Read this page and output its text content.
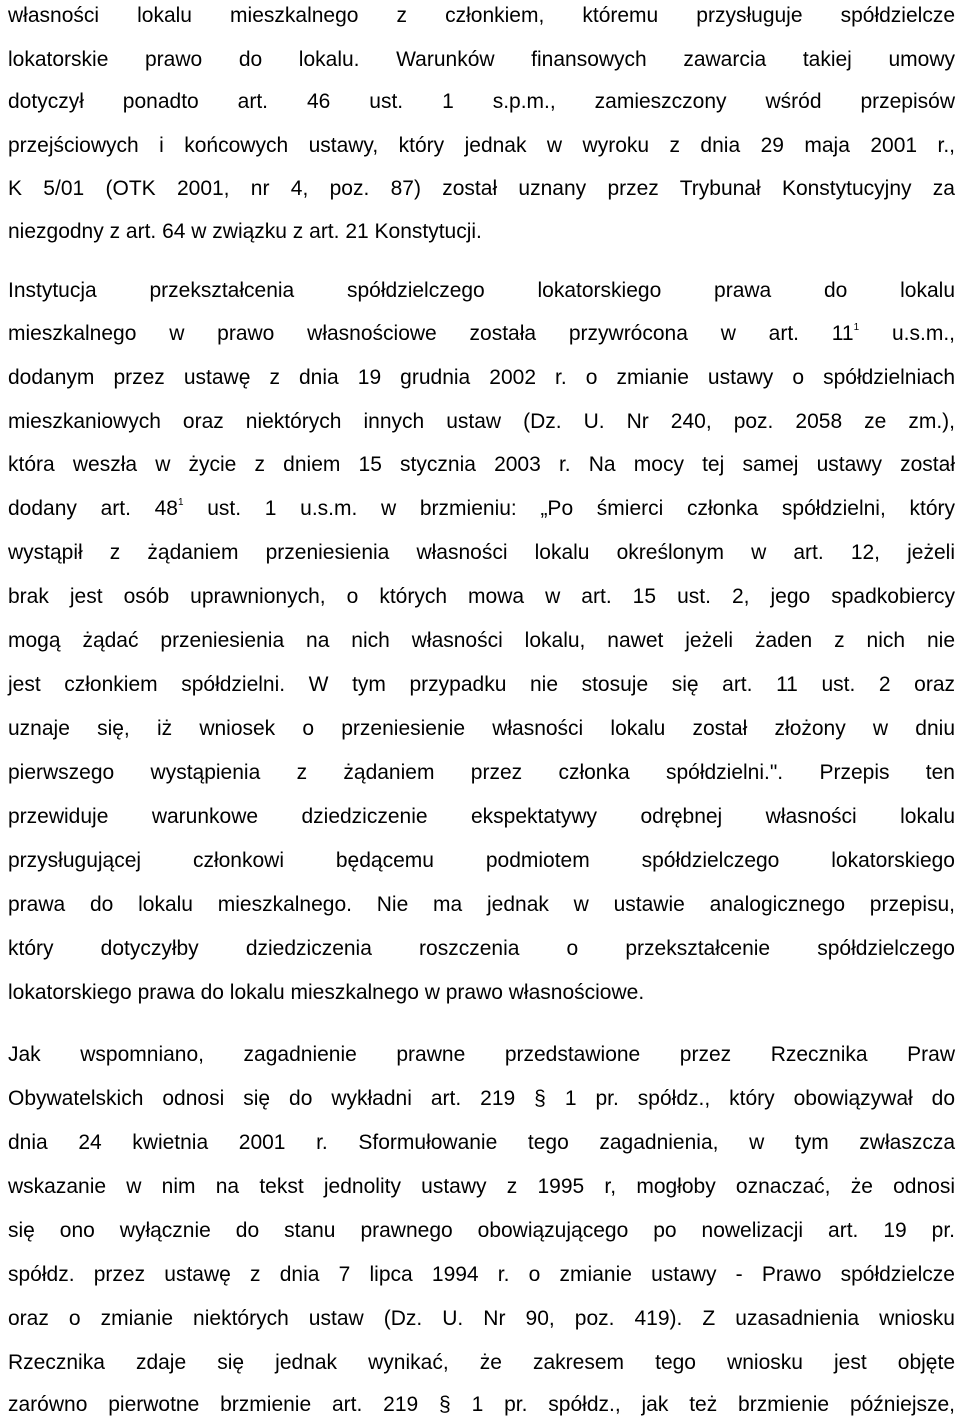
własności lokalu mieszkalnego z członkiem, któremu przysługuje spółdzielcze
lokatorskie prawo do lokalu. Warunków finansowych zawarcia takiej umowy
dotyczył ponadto art. 46 ust. 1 s.p.m., zamieszczony wśród przepisów
przejściowych i końcowych ustawy, który jednak w wyroku z dnia 29 maja 2001 r.,
K 5/01 (OTK 2001, nr 4, poz. 87) został uznany przez Trybunał Konstytucyjny za
niezgodny z art. 64 w związku z art. 21 Konstytucji.
Instytucja przekształcenia spółdzielczego lokatorskiego prawa do lokalu
mieszkalnego w prawo własnościowe została przywrócona w art. $11^1$ u.s.m.,
dodanym przez ustawę z dnia 19 grudnia 2002 r. o zmianie ustawy o spółdzielniach
mieszkaniowych oraz niektórych innych ustaw (Dz. U. Nr 240, poz. 2058 ze zm.),
która weszła w życie z dniem 15 stycznia 2003 r. Na mocy tej samej ustawy został
dodany art. $48^1$ ust. 1 u.s.m. w brzmieniu: „Po śmierci członka spółdzielni, który
wystąpił z żądaniem przeniesienia własności lokalu określonym w art. 12, jeżeli
brak jest osób uprawnionych, o których mowa w art. 15 ust. 2, jego spadkobiercy
mogą żądać przeniesienia na nich własności lokalu, nawet jeżeli żaden z nich nie
jest członkiem spółdzielni. W tym przypadku nie stosuje się art. 11 ust. 2 oraz
uznaje się, iż wniosek o przeniesienie własności lokalu został złożony w dniu
pierwszego wystąpienia z żądaniem przez członka spółdzielni.". Przepis ten
przewiduje warunkowe dziedziczenie ekspektatywy odrębnej własności lokalu
przysługującej członkowi będącemu podmiotem spółdzielczego lokatorskiego
prawa do lokalu mieszkalnego. Nie ma jednak w ustawie analogicznego przepisu,
który dotyczyłby dziedziczenia roszczenia o przekształcenie spółdzielczego
lokatorskiego prawa do lokalu mieszkalnego w prawo własnościowe.
Jak wspomniano, zagadnienie prawne przedstawione przez Rzecznika Praw
Obywatelskich odnosi się do wykładni art. 219 § 1 pr. spółdz., który obowiązywał do
dnia 24 kwietnia 2001 r. Sformułowanie tego zagadnienia, w tym zwłaszcza
wskazanie w nim na tekst jednolity ustawy z 1995 r, mogłoby oznaczać, że odnosi
się ono wyłącznie do stanu prawnego obowiązującego po nowelizacji art. 19 pr.
spółdz. przez ustawę z dnia 7 lipca 1994 r. o zmianie ustawy - Prawo spółdzielcze
oraz o zmianie niektórych ustaw (Dz. U. Nr 90, poz. 419). Z uzasadnienia wniosku
Rzecznika zdaje się jednak wynikać, że zakresem tego wniosku jest objęte
zarówno pierwotne brzmienie art. 219 § 1 pr. spółdz., jak też brzmienie późniejsze,
